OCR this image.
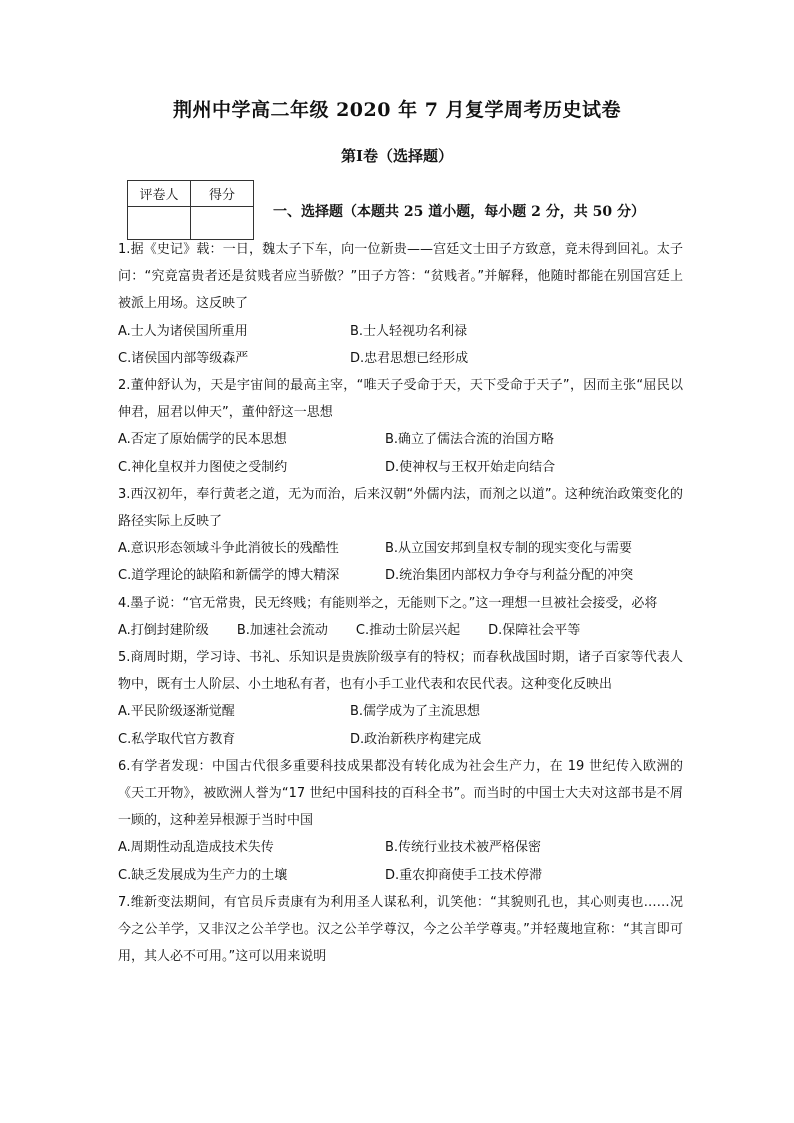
荆州中学高二年级 2020 年 7 月复学周考历史试卷
第Ⅰ卷（选择题）
评卷人	得分

一、选择题（本题共 25 道小题，每小题 2 分，共 50 分）

1.据《史记》载：一日，魏太子下车，向一位新贵——宫廷文士田子方致意，竟未得到回礼。太子问：“究竟富贵者还是贫贱者应当骄傲？”田子方答：“贫贱者。”并解释，他随时都能在别国宫廷上被派上用场。这反映了

A.士人为诸侯国所重用	B.士人轻视功名利禄

C.诸侯国内部等级森严	D.忠君思想已经形成

2.董仲舒认为，天是宇宙间的最高主宰，“唯天子受命于天，天下受命于天子”，因而主张“屈民以伸君，屈君以伸天”，董仲舒这一思想

A.否定了原始儒学的民本思想	B.确立了儒法合流的治国方略

C.神化皇权并力图使之受制约	D.使神权与王权开始走向结合

3.西汉初年，奉行黄老之道，无为而治，后来汉朝“外儒内法，而剂之以道”。这种统治政策变化的路径实际上反映了

A.意识形态领域斗争此消彼长的残酷性	B.从立国安邦到皇权专制的现实变化与需要

C.道学理论的缺陷和新儒学的博大精深	D.统治集团内部权力争夺与利益分配的冲突

4.墨子说：“官无常贵，民无终贱；有能则举之，无能则下之。”这一理想一旦被社会接受，必将

A.打倒封建阶级 B.加速社会流动 C.推动士阶层兴起 D.保障社会平等

5.商周时期，学习诗、书礼、乐知识是贵族阶级享有的特权；而春秋战国时期，诸子百家等代表人物中，既有士人阶层、小土地私有者，也有小手工业代表和农民代表。这种变化反映出

A.平民阶级逐渐觉醒	B.儒学成为了主流思想

C.私学取代官方教育	D.政治新秩序构建完成

6.有学者发现：中国古代很多重要科技成果都没有转化成为社会生产力，在 19 世纪传入欧洲的《天工开物》，被欧洲人誉为“17 世纪中国科技的百科全书”。而当时的中国士大夫对这部书是不屑一顾的，这种差异根源于当时中国

A.周期性动乱造成技术失传	B.传统行业技术被严格保密

C.缺乏发展成为生产力的土壤	D.重农抑商使手工技术停滞

7.维新变法期间，有官员斥责康有为利用圣人谋私利，讥笑他：“其貌则孔也，其心则夷也……况今之公羊学，又非汉之公羊学也。汉之公羊学尊汉，今之公羊学尊夷。”并轻蔑地宣称：“其言即可用，其人必不可用。”这可以用来说明
